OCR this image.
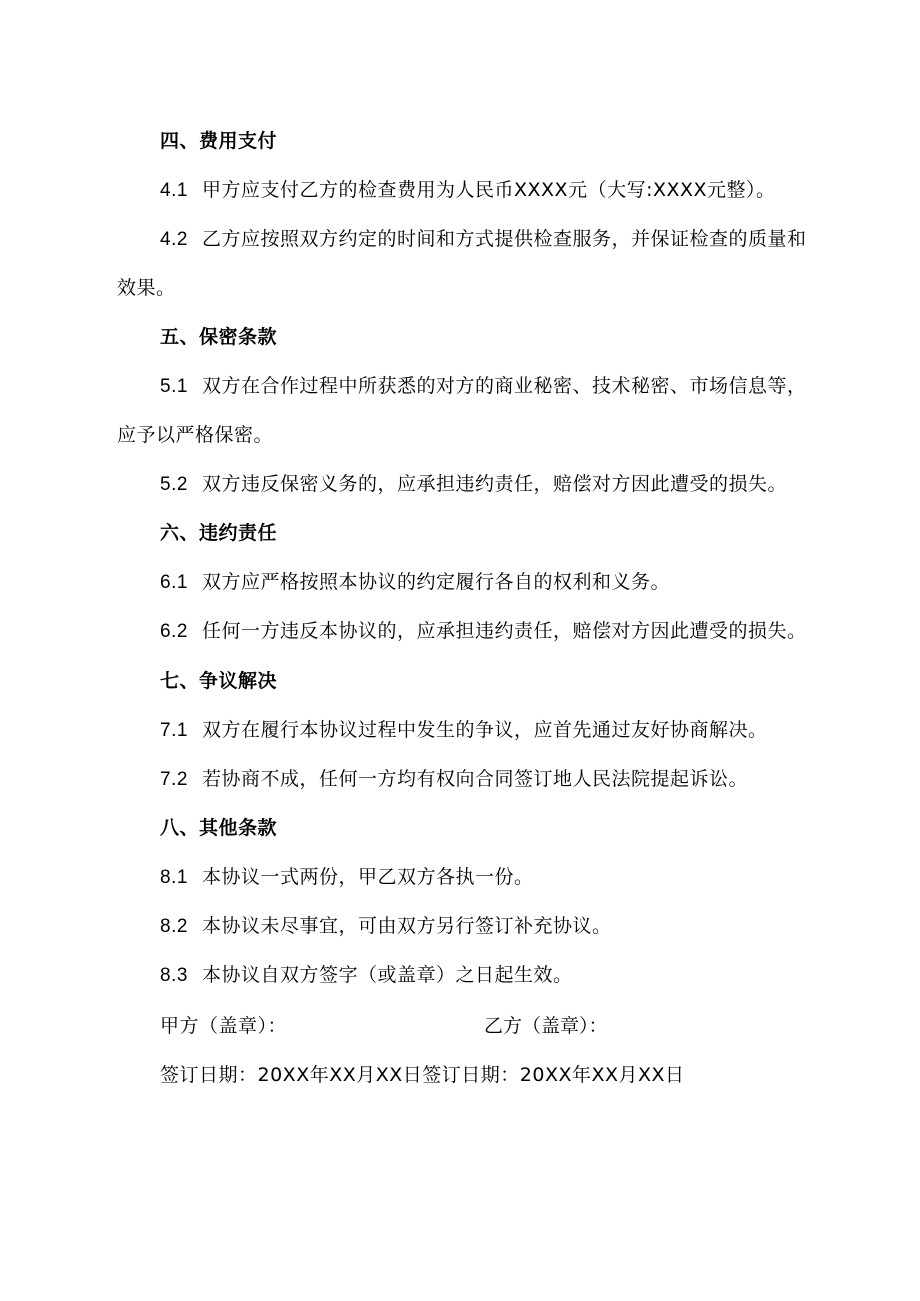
四、费用支付
4.1 甲方应支付乙方的检查费用为人民币XXXX元（大写:XXXX元整）。
4.2 乙方应按照双方约定的时间和方式提供检查服务，并保证检查的质量和
效果。
五、保密条款
5.1 双方在合作过程中所获悉的对方的商业秘密、技术秘密、市场信息等，
应予以严格保密。
5.2 双方违反保密义务的，应承担违约责任，赔偿对方因此遭受的损失。
六、违约责任
6.1 双方应严格按照本协议的约定履行各自的权利和义务。
6.2 任何一方违反本协议的，应承担违约责任，赔偿对方因此遭受的损失。
七、争议解决
7.1 双方在履行本协议过程中发生的争议，应首先通过友好协商解决。
7.2 若协商不成，任何一方均有权向合同签订地人民法院提起诉讼。
八、其他条款
8.1 本协议一式两份，甲乙双方各执一份。
8.2 本协议未尽事宜，可由双方另行签订补充协议。
8.3 本协议自双方签字（或盖章）之日起生效。
甲方（盖章）：	乙方（盖章）：
签订日期：20XX年XX月XX日签订日期：20XX年XX月XX日
